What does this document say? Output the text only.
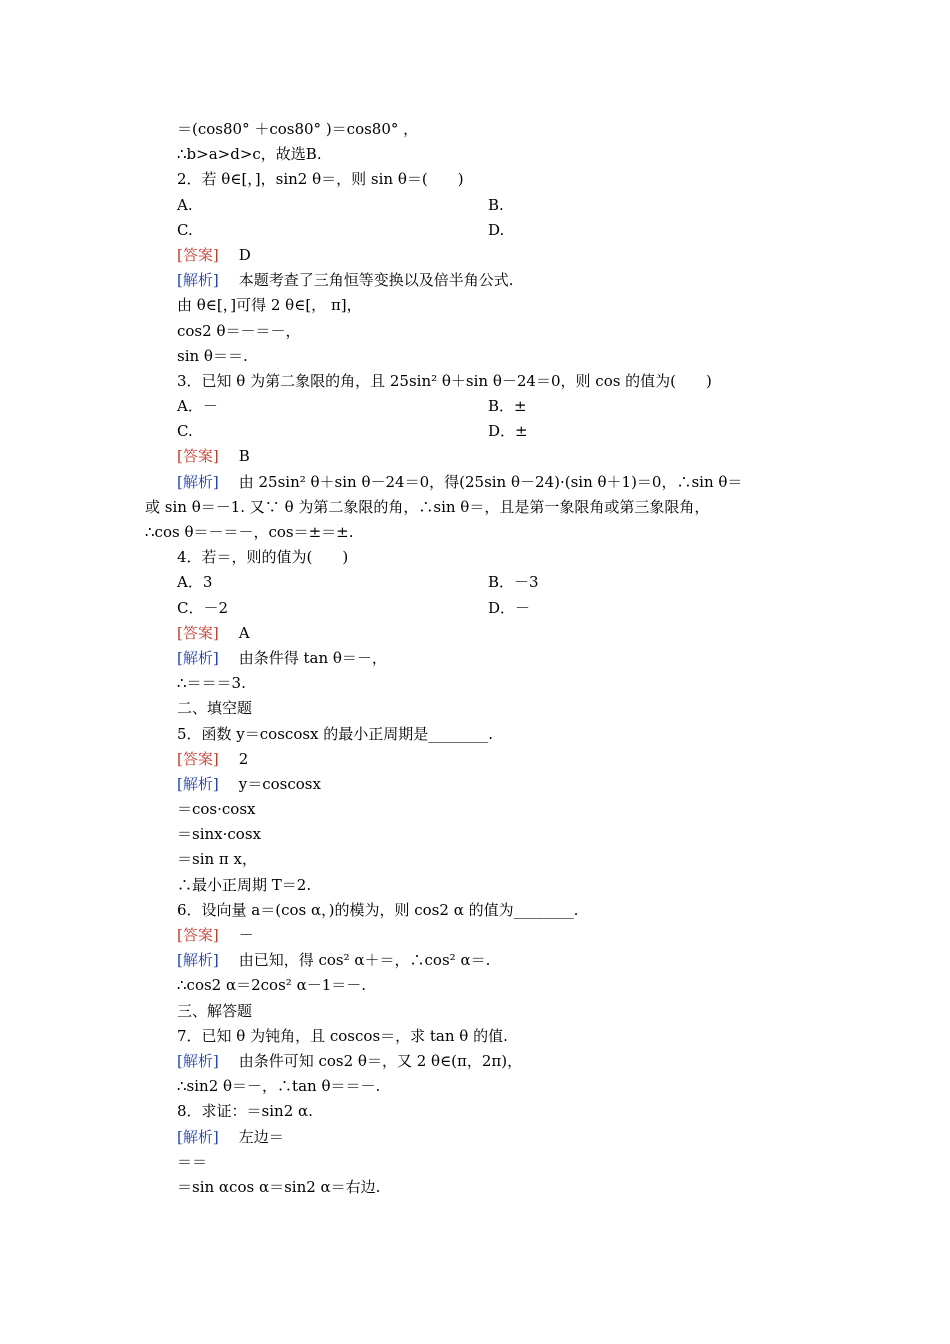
＝(cos80° ＋cos80° )＝cos80° ，
∴b>a>d>c，故选B.
2．若 θ∈[，]，sin2 θ＝，则 sin θ＝(　　)
A.	B.
C.	D.
[答案] D
[解析] 本题考查了三角恒等变换以及倍半角公式.
由 θ∈[，]可得 2 θ∈[， π]，
cos2 θ＝－＝－，
sin θ＝＝.
3．已知 θ 为第二象限的角，且 25sin² θ＋sin θ－24＝0，则 cos 的值为(　　)
A．－	B．±
C.	D．±
[答案] B
[解析] 由 25sin² θ＋sin θ－24＝0，得(25sin θ－24)·(sin θ＋1)＝0，∴sin θ＝
或 sin θ＝－1. 又∵ θ 为第二象限的角，∴sin θ＝，且是第一象限角或第三象限角，
∴cos θ＝－＝－，cos＝±＝±.
4．若＝，则的值为(　　)
A．3	B．－3
C．－2	D．－
[答案] A
[解析] 由条件得 tan θ＝－，
∴＝＝＝3.
二、填空题
5．函数 y＝coscosx 的最小正周期是________.
[答案] 2
[解析] y＝coscosx
＝cos·cosx
＝sinx·cosx
＝sin π x，
∴最小正周期 T＝2.
6．设向量 a＝(cos α，)的模为，则 cos2 α 的值为________.
[答案] －
[解析] 由已知，得 cos² α＋＝，∴cos² α＝.
∴cos2 α＝2cos² α－1＝－.
三、解答题
7．已知 θ 为钝角，且 coscos＝，求 tan θ 的值.
[解析] 由条件可知 cos2 θ＝，又 2 θ∈(π，2π)，
∴sin2 θ＝－，∴tan θ＝＝－.
8．求证：＝sin2 α.
[解析] 左边＝
＝＝
＝sin αcos α＝sin2 α＝右边.
